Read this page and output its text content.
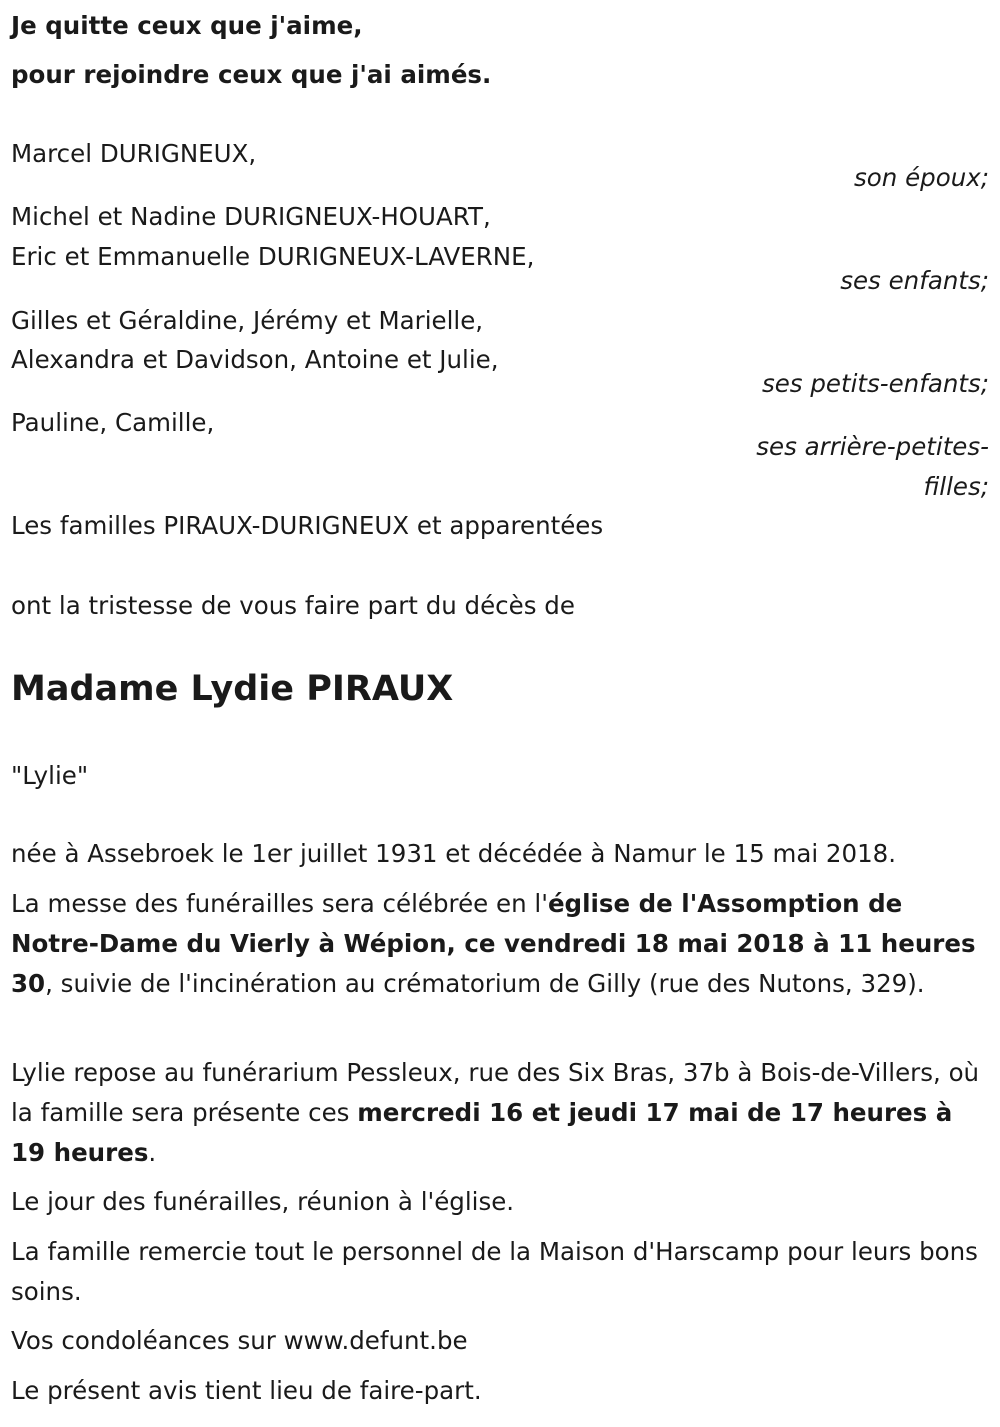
Je quitte ceux que j'aime,
pour rejoindre ceux que j'ai aimés.
Marcel DURIGNEUX,
son époux;
Michel et Nadine DURIGNEUX-HOUART,
Eric et Emmanuelle DURIGNEUX-LAVERNE,
ses enfants;
Gilles et Géraldine, Jérémy et Marielle,
Alexandra et Davidson, Antoine et Julie,
ses petits-enfants;
Pauline, Camille,
ses arrière-petites-
filles;
Les familles PIRAUX-DURIGNEUX et apparentées
ont la tristesse de vous faire part du décès de
Madame Lydie PIRAUX
"Lylie"
née à Assebroek le 1er juillet 1931 et décédée à Namur le 15 mai 2018.

La messe des funérailles sera célébrée en l'église de l'Assomption de Notre-Dame du Vierly à Wépion, ce vendredi 18 mai 2018 à 11 heures 30, suivie de l'incinération au crématorium de Gilly (rue des Nutons, 329).

Lylie repose au funérarium Pessleux, rue des Six Bras, 37b à Bois-de-Villers, où la famille sera présente ces mercredi 16 et jeudi 17 mai de 17 heures à 19 heures.

Le jour des funérailles, réunion à l'église.
La famille remercie tout le personnel de la Maison d'Harscamp pour leurs bons soins.
Vos condoléances sur www.defunt.be
Le présent avis tient lieu de faire-part.
